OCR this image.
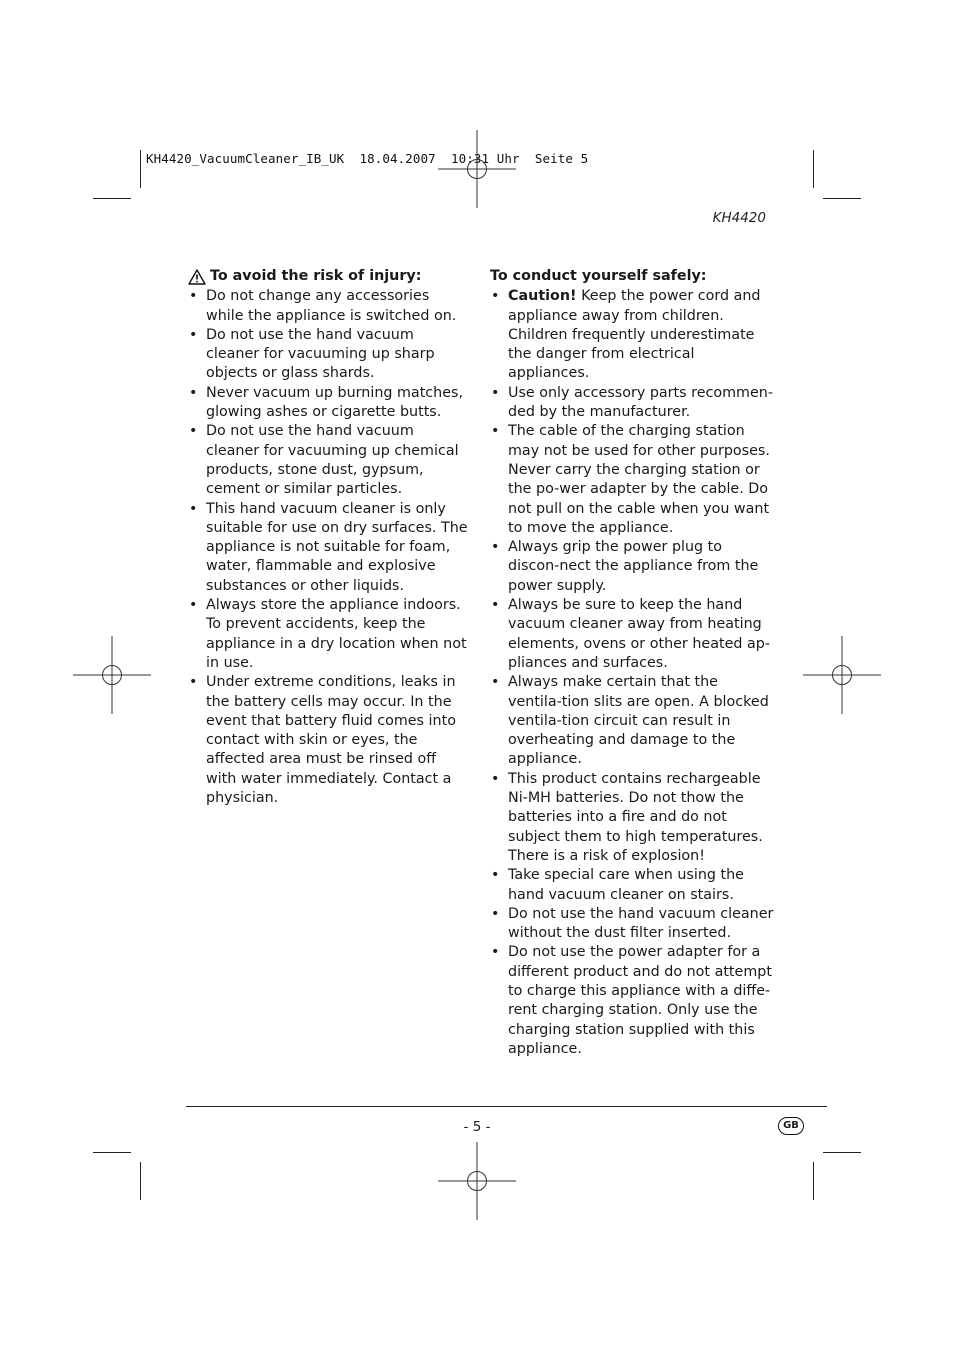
KH4420_VacuumCleaner_IB_UK  18.04.2007  10:31 Uhr  Seite 5
KH4420
To avoid the risk of injury:
• Do not change any accessories while the appliance is switched on.
• Do not use the hand vacuum cleaner for vacuuming up sharp objects or glass shards.
• Never vacuum up burning matches, glowing ashes or cigarette butts.
• Do not use the hand vacuum cleaner for vacuuming up chemical products, stone dust, gypsum, cement or similar particles.
• This hand vacuum cleaner is only suitable for use on dry surfaces. The appliance is not suitable for foam, water, flammable and explosive substances or other liquids.
• Always store the appliance indoors. To prevent accidents, keep the appliance in a dry location when not in use.
• Under extreme conditions, leaks in the battery cells may occur. In the event that battery fluid comes into contact with skin or eyes, the affected area must be rinsed off with water immediately. Contact a physician.
To conduct yourself safely:
• Caution! Keep the power cord and appliance away from children. Children frequently underestimate the danger from electrical appliances.
• Use only accessory parts recommen-ded by the manufacturer.
• The cable of the charging station may not be used for other purposes. Never carry the charging station or the po-wer adapter by the cable. Do not pull on the cable when you want to move the appliance.
• Always grip the power plug to discon-nect the appliance from the power supply.
• Always be sure to keep the hand vacuum cleaner away from heating elements, ovens or other heated ap-pliances and surfaces.
• Always make certain that the ventila-tion slits are open. A blocked ventila-tion circuit can result in overheating and damage to the appliance.
• This product contains rechargeable Ni-MH batteries. Do not thow the batteries into a fire and do not subject them to high temperatures. There is a risk of explosion!
• Take special care when using the hand vacuum cleaner on stairs.
• Do not use the hand vacuum cleaner without the dust filter inserted.
• Do not use the power adapter for a different product and do not attempt to charge this appliance with a diffe-rent charging station. Only use the charging station supplied with this appliance.
- 5 -	GB
